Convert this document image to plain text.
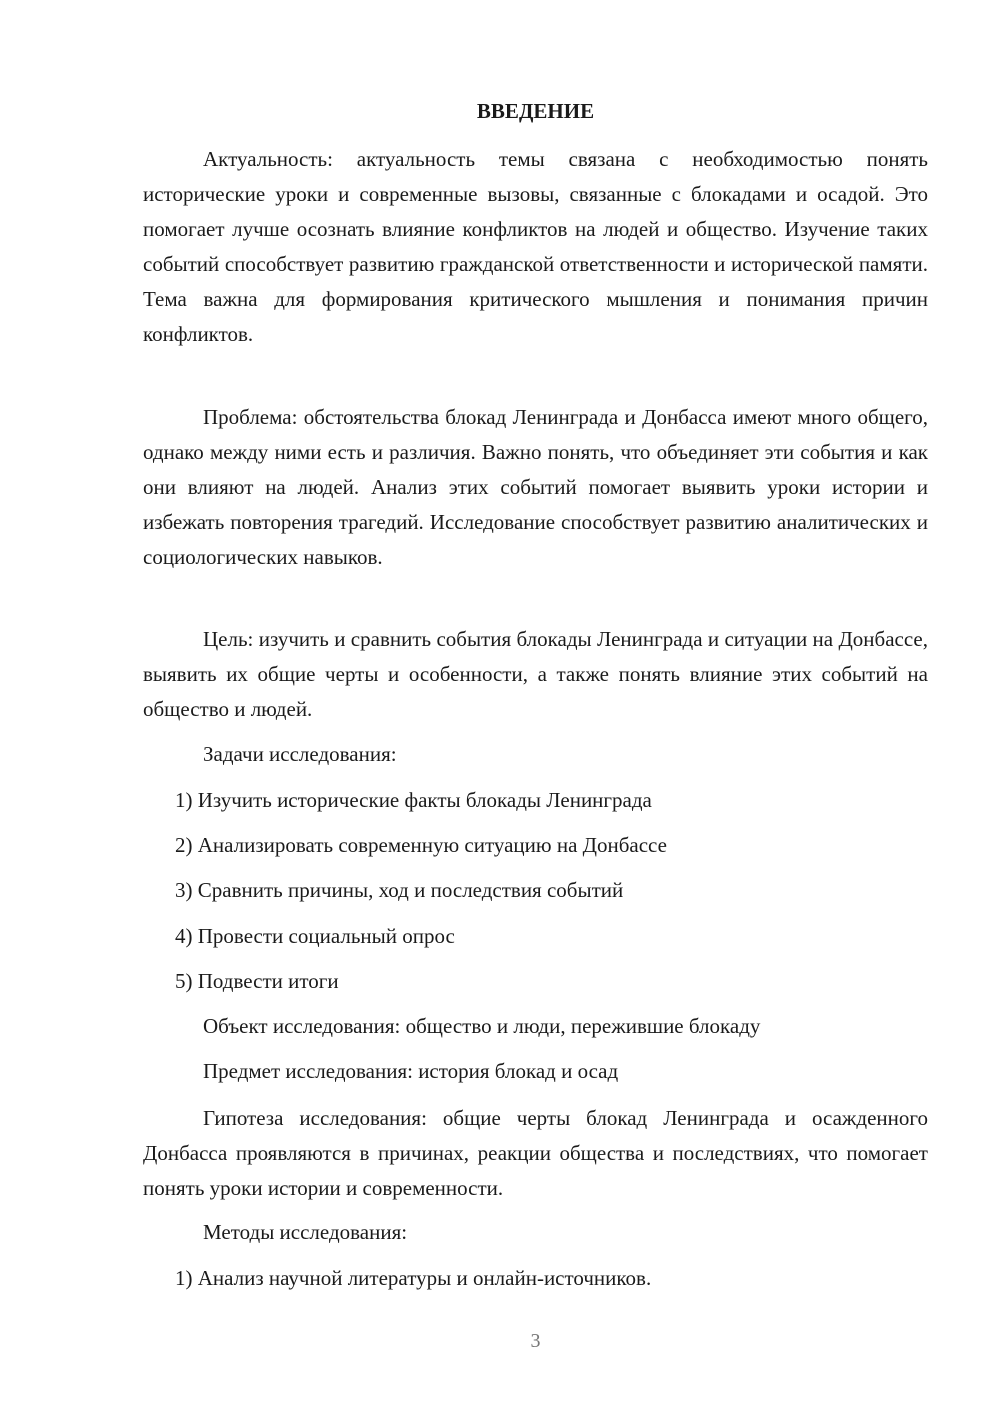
ВВЕДЕНИЕ

Актуальность: актуальность темы связана с необходимостью понять исторические уроки и современные вызовы, связанные с блокадами и осадой. Это помогает лучше осознать влияние конфликтов на людей и общество. Изучение таких событий способствует развитию гражданской ответственности и исторической памяти. Тема важна для формирования критического мышления и понимания причин конфликтов.

Проблема: обстоятельства блокад Ленинграда и Донбасса имеют много общего, однако между ними есть и различия. Важно понять, что объединяет эти события и как они влияют на людей. Анализ этих событий помогает выявить уроки истории и избежать повторения трагедий. Исследование способствует развитию аналитических и социологических навыков.

Цель: изучить и сравнить события блокады Ленинграда и ситуации на Донбассе, выявить их общие черты и особенности, а также понять влияние этих событий на общество и людей.

Задачи исследования:

1) Изучить исторические факты блокады Ленинграда

2) Анализировать современную ситуацию на Донбассе

3) Сравнить причины, ход и последствия событий

4) Провести социальный опрос

5) Подвести итоги

Объект исследования: общество и люди, пережившие блокаду

Предмет исследования: история блокад и осад

Гипотеза исследования: общие черты блокад Ленинграда и осажденного Донбасса проявляются в причинах, реакции общества и последствиях, что помогает понять уроки истории и современности.

Методы исследования:

1) Анализ научной литературы и онлайн-источников.

3
